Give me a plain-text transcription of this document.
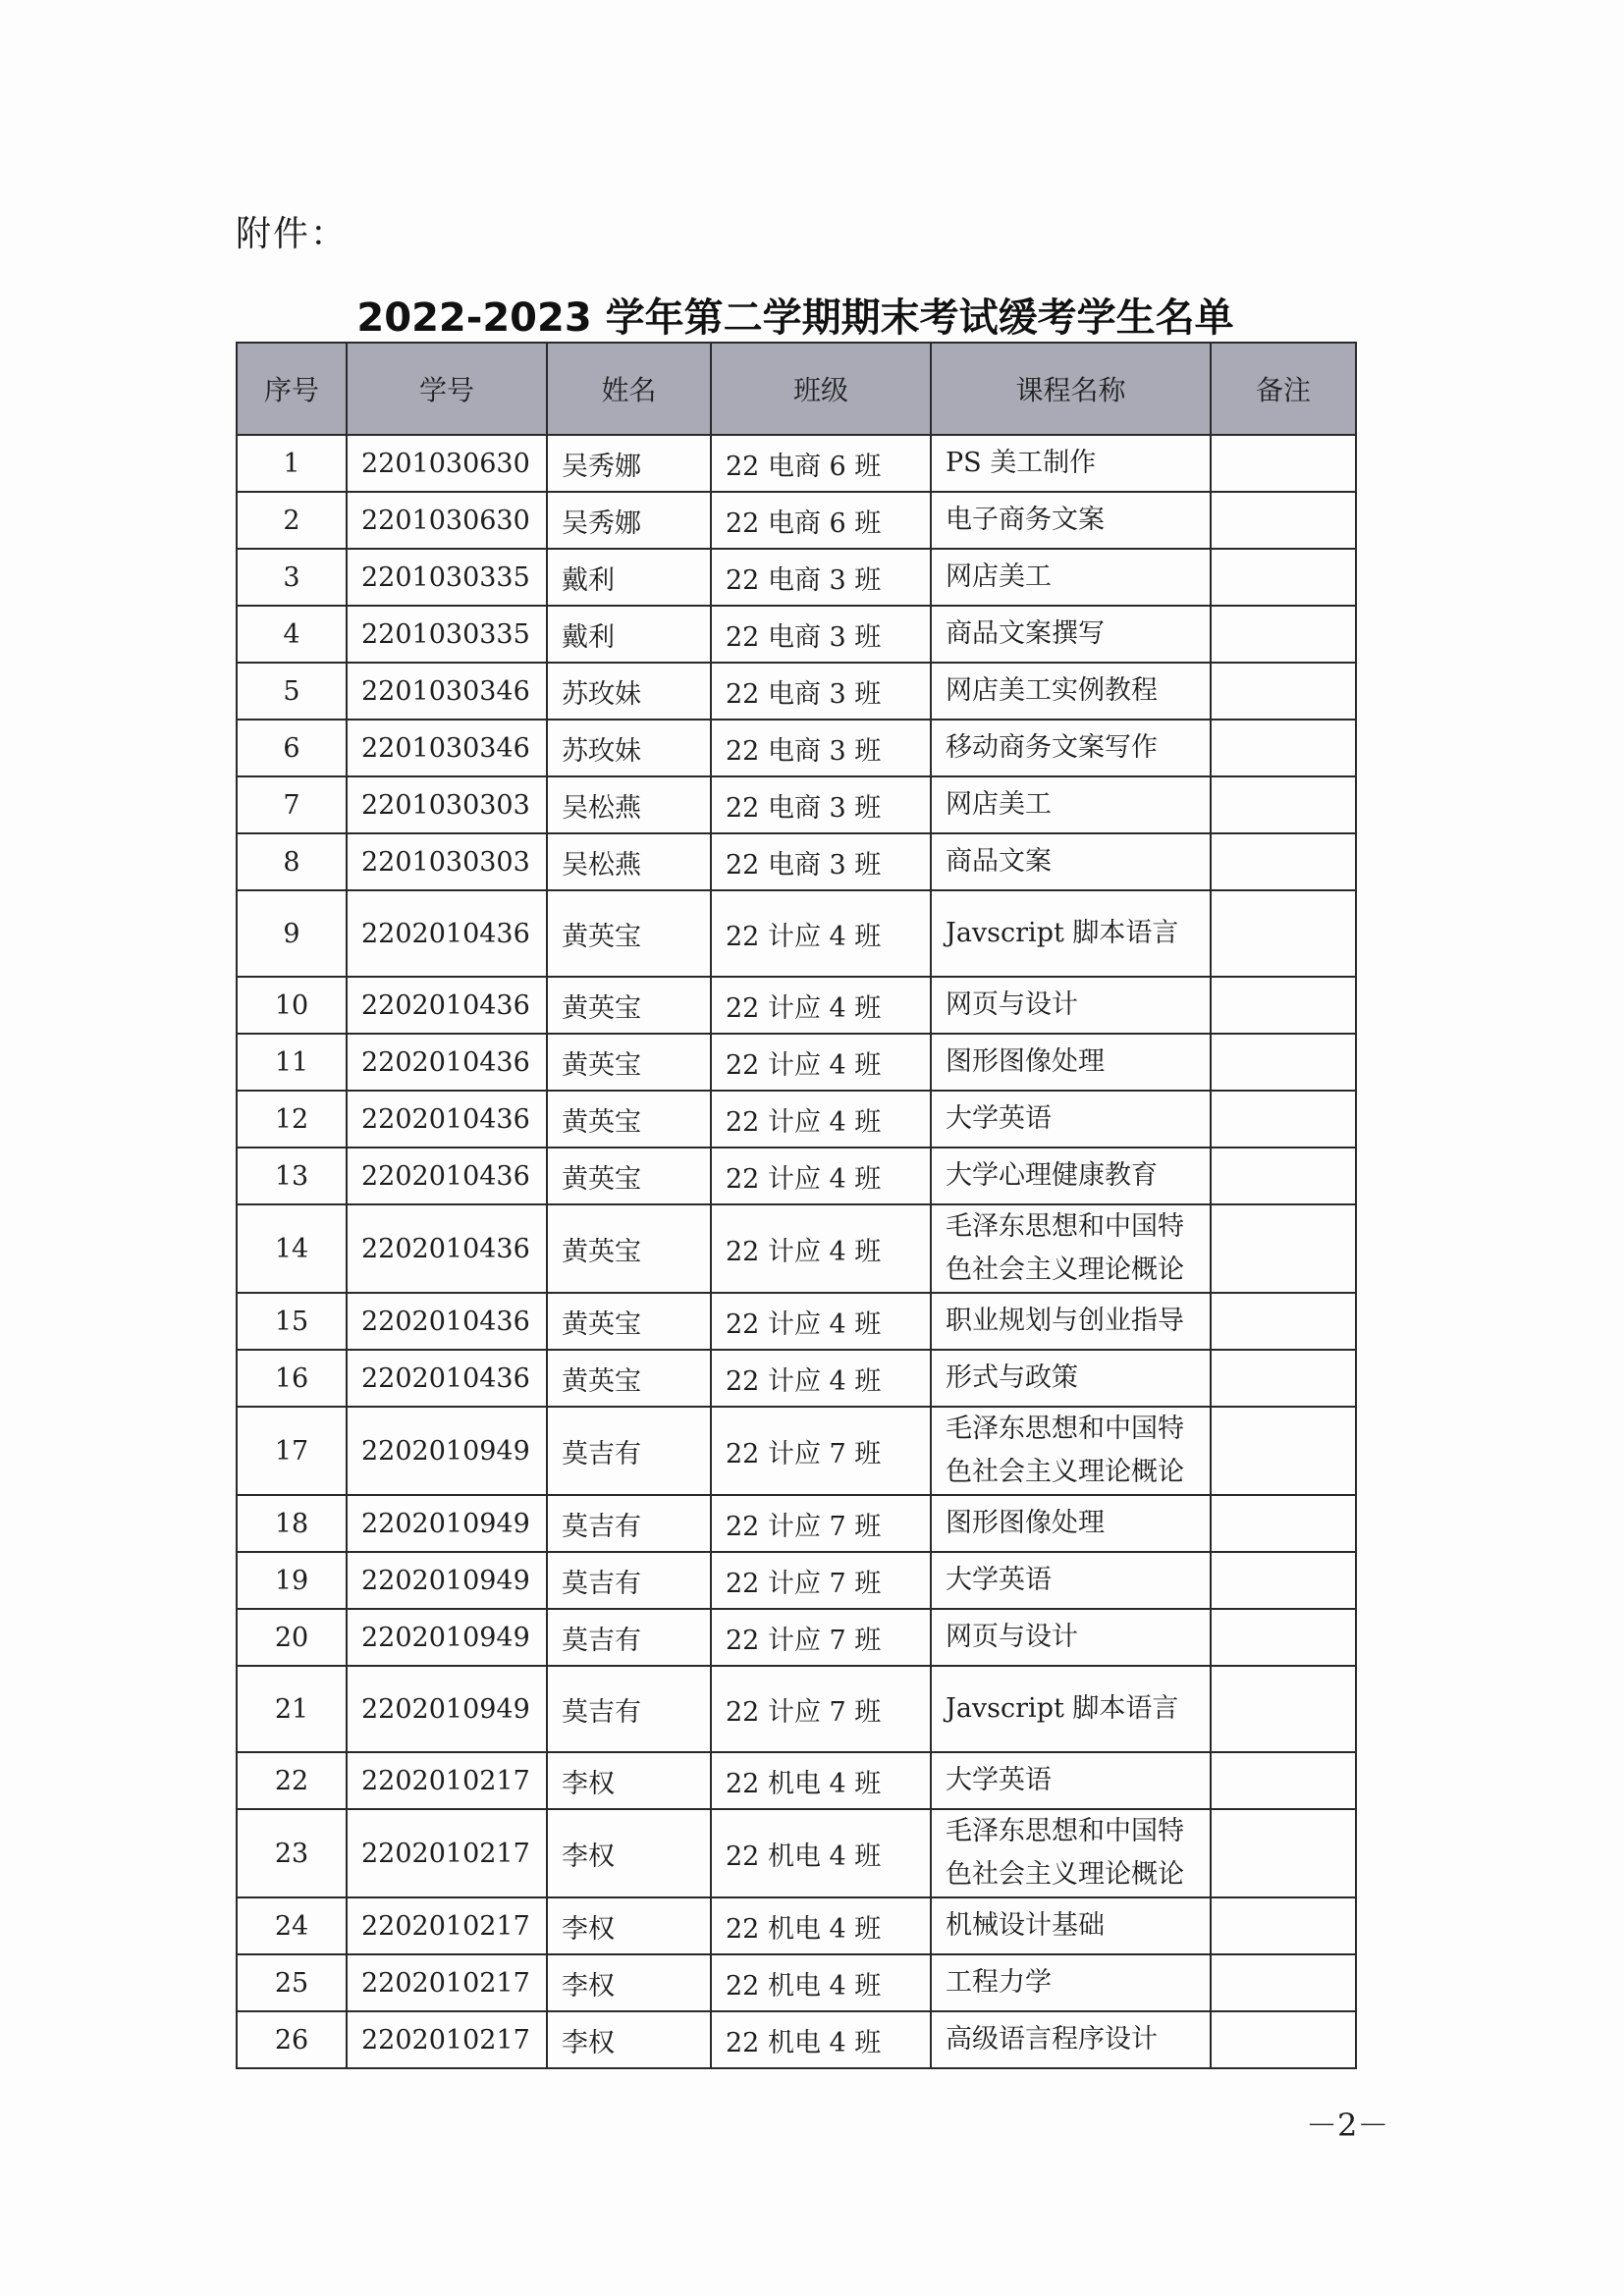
附件：
2022-2023 学年第二学期期末考试缓考学生名单
序号	学号	姓名	班级	课程名称	备注
1	2201030630	吴秀娜	22 电商 6 班	PS 美工制作	
2	2201030630	吴秀娜	22 电商 6 班	电子商务文案	
3	2201030335	戴利	22 电商 3 班	网店美工	
4	2201030335	戴利	22 电商 3 班	商品文案撰写	
5	2201030346	苏玫妹	22 电商 3 班	网店美工实例教程	
6	2201030346	苏玫妹	22 电商 3 班	移动商务文案写作	
7	2201030303	吴松燕	22 电商 3 班	网店美工	
8	2201030303	吴松燕	22 电商 3 班	商品文案	
9	2202010436	黄英宝	22 计应 4 班	Javscript 脚本语言	
10	2202010436	黄英宝	22 计应 4 班	网页与设计	
11	2202010436	黄英宝	22 计应 4 班	图形图像处理	
12	2202010436	黄英宝	22 计应 4 班	大学英语	
13	2202010436	黄英宝	22 计应 4 班	大学心理健康教育	
14	2202010436	黄英宝	22 计应 4 班	毛泽东思想和中国特色社会主义理论概论	
15	2202010436	黄英宝	22 计应 4 班	职业规划与创业指导	
16	2202010436	黄英宝	22 计应 4 班	形式与政策	
17	2202010949	莫吉有	22 计应 7 班	毛泽东思想和中国特色社会主义理论概论	
18	2202010949	莫吉有	22 计应 7 班	图形图像处理	
19	2202010949	莫吉有	22 计应 7 班	大学英语	
20	2202010949	莫吉有	22 计应 7 班	网页与设计	
21	2202010949	莫吉有	22 计应 7 班	Javscript 脚本语言	
22	2202010217	李权	22 机电 4 班	大学英语	
23	2202010217	李权	22 机电 4 班	毛泽东思想和中国特色社会主义理论概论	
24	2202010217	李权	22 机电 4 班	机械设计基础	
25	2202010217	李权	22 机电 4 班	工程力学	
26	2202010217	李权	22 机电 4 班	高级语言程序设计	
－2－
